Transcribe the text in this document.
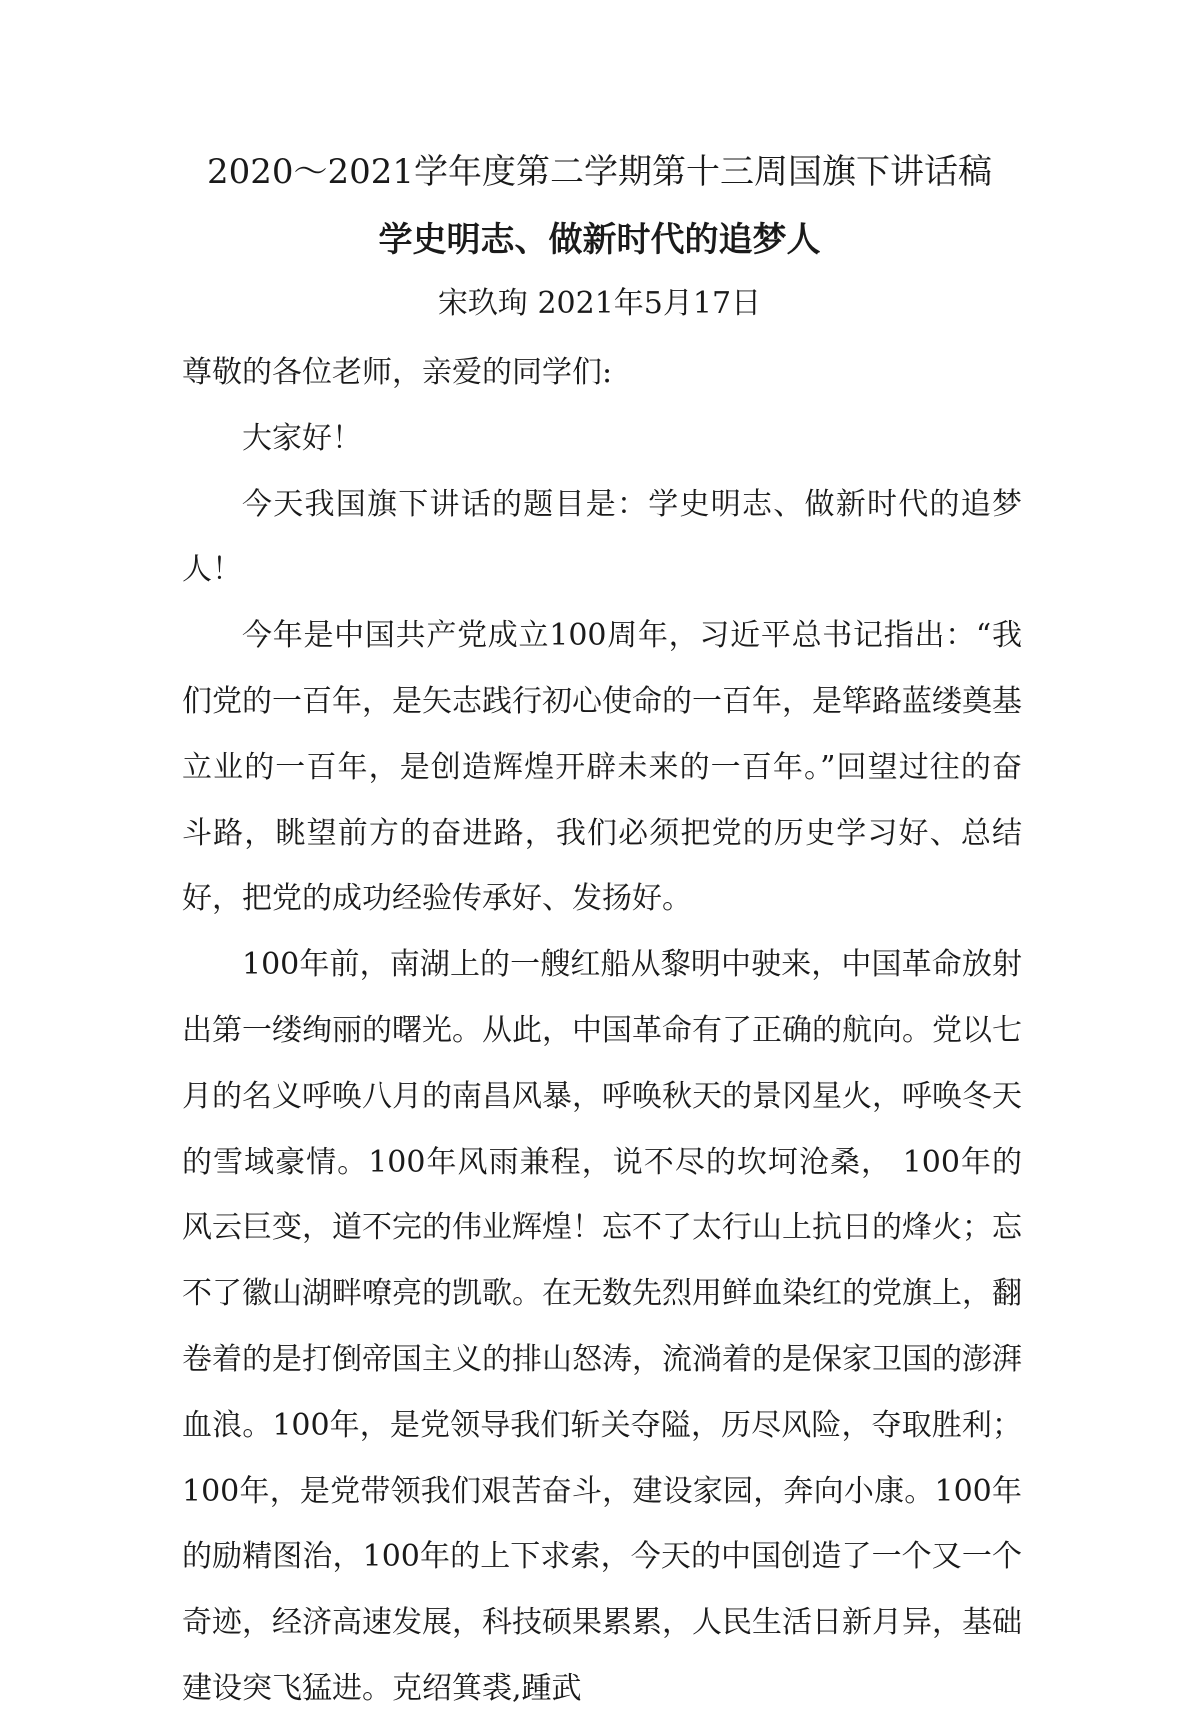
2020～2021学年度第二学期第十三周国旗下讲话稿
学史明志、做新时代的追梦人
宋玖珣 2021年5月17日

尊敬的各位老师，亲爱的同学们:

大家好！

今天我国旗下讲话的题目是：学史明志、做新时代的追梦人！

今年是中国共产党成立100周年，习近平总书记指出：“我们党的一百年，是矢志践行初心使命的一百年，是筚路蓝缕奠基立业的一百年，是创造辉煌开辟未来的一百年。”回望过往的奋斗路，眺望前方的奋进路，我们必须把党的历史学习好、总结好，把党的成功经验传承好、发扬好。

100年前，南湖上的一艘红船从黎明中驶来，中国革命放射出第一缕绚丽的曙光。从此，中国革命有了正确的航向。党以七月的名义呼唤八月的南昌风暴，呼唤秋天的景冈星火，呼唤冬天的雪域豪情。100年风雨兼程，说不尽的坎坷沧桑， 100年的风云巨变，道不完的伟业辉煌！忘不了太行山上抗日的烽火；忘不了徽山湖畔嘹亮的凯歌。在无数先烈用鲜血染红的党旗上，翻卷着的是打倒帝国主义的排山怒涛，流淌着的是保家卫国的澎湃血浪。100年，是党领导我们斩关夺隘，历尽风险，夺取胜利；100年，是党带领我们艰苦奋斗，建设家园，奔向小康。100年的励精图治，100年的上下求索，今天的中国创造了一个又一个奇迹，经济高速发展，科技硕果累累，人民生活日新月异，基础建设突飞猛进。克绍箕裘,踵武
